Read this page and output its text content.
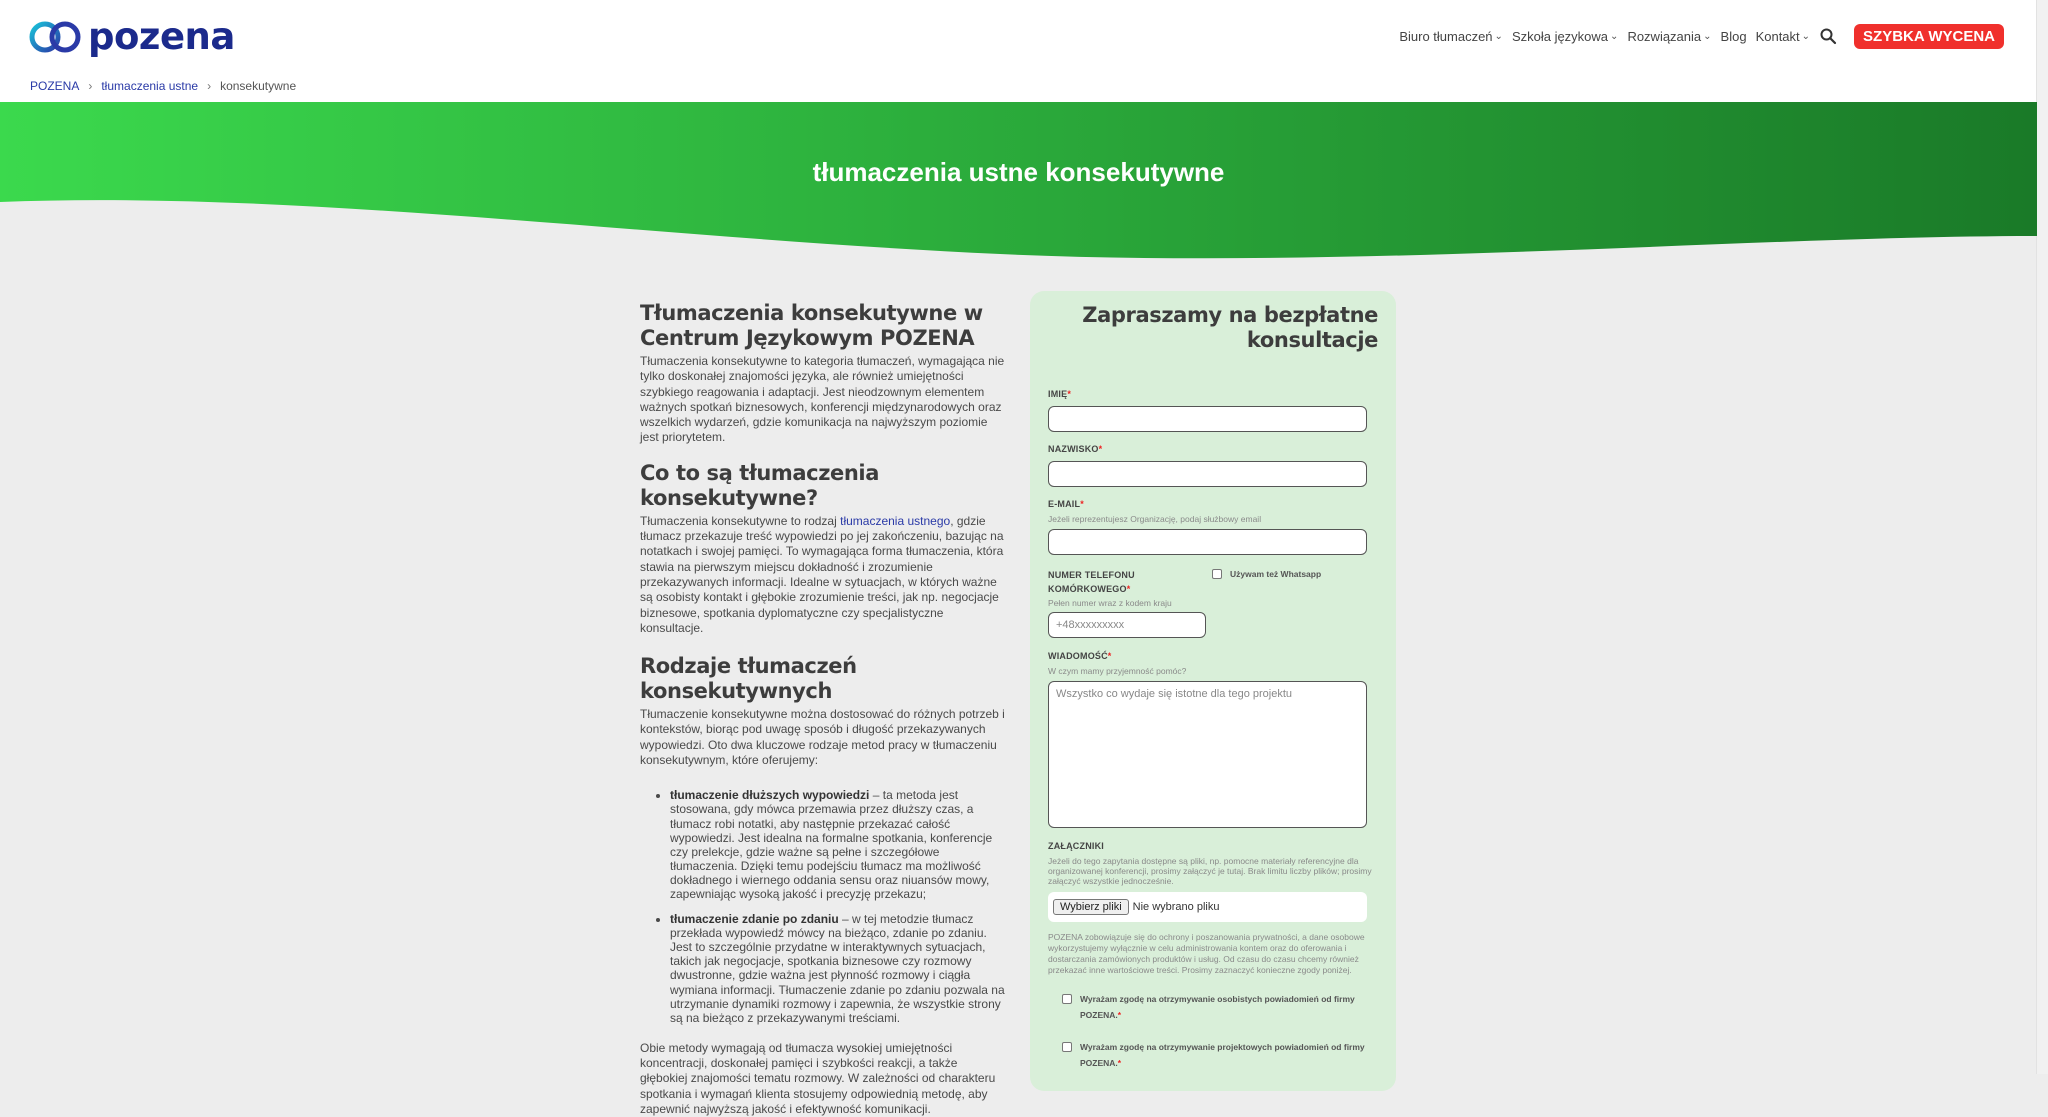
pozena	Biuro tłumaczeń ⌄ Szkoła językowa ⌄ Rozwiązania ⌄ Blog Kontakt ⌄	SZYBKA WYCENA
POZENA › tłumaczenia ustne › konsekutywne
tłumaczenia ustne konsekutywne
Tłumaczenia konsekutywne w Centrum Językowym POZENA

Tłumaczenia konsekutywne to kategoria tłumaczeń, wymagająca nie tylko doskonałej znajomości języka, ale również umiejętności szybkiego reagowania i adaptacji. Jest nieodzownym elementem ważnych spotkań biznesowych, konferencji międzynarodowych oraz wszelkich wydarzeń, gdzie komunikacja na najwyższym poziomie jest priorytetem.

Co to są tłumaczenia konsekutywne?

Tłumaczenia konsekutywne to rodzaj tłumaczenia ustnego, gdzie tłumacz przekazuje treść wypowiedzi po jej zakończeniu, bazując na notatkach i swojej pamięci. To wymagająca forma tłumaczenia, która stawia na pierwszym miejscu dokładność i zrozumienie przekazywanych informacji. Idealne w sytuacjach, w których ważne są osobisty kontakt i głębokie zrozumienie treści, jak np. negocjacje biznesowe, spotkania dyplomatyczne czy specjalistyczne konsultacje.

Rodzaje tłumaczeń konsekutywnych

Tłumaczenie konsekutywne można dostosować do różnych potrzeb i kontekstów, biorąc pod uwagę sposób i długość przekazywanych wypowiedzi. Oto dwa kluczowe rodzaje metod pracy w tłumaczeniu konsekutywnym, które oferujemy:

• tłumaczenie dłuższych wypowiedzi – ta metoda jest stosowana, gdy mówca przemawia przez dłuższy czas, a tłumacz robi notatki, aby następnie przekazać całość wypowiedzi. Jest idealna na formalne spotkania, konferencje czy prelekcje, gdzie ważne są pełne i szczegółowe tłumaczenia. Dzięki temu podejściu tłumacz ma możliwość dokładnego i wiernego oddania sensu oraz niuansów mowy, zapewniając wysoką jakość i precyzję przekazu;
• tłumaczenie zdanie po zdaniu – w tej metodzie tłumacz przekłada wypowiedź mówcy na bieżąco, zdanie po zdaniu. Jest to szczególnie przydatne w interaktywnych sytuacjach, takich jak negocjacje, spotkania biznesowe czy rozmowy dwustronne, gdzie ważna jest płynność rozmowy i ciągła wymiana informacji. Tłumaczenie zdanie po zdaniu pozwala na utrzymanie dynamiki rozmowy i zapewnia, że wszystkie strony są na bieżąco z przekazywanymi treściami.

Obie metody wymagają od tłumacza wysokiej umiejętności koncentracji, doskonałej pamięci i szybkości reakcji, a także głębokiej znajomości tematu rozmowy. W zależności od charakteru spotkania i wymagań klienta stosujemy odpowiednią metodę, aby zapewnić najwyższą jakość i efektywność komunikacji.

Zapraszamy na bezpłatne konsultacje
IMIĘ*
NAZWISKO*
E-MAIL*
Jeżeli reprezentujesz Organizację, podaj służbowy email
NUMER TELEFONU KOMÓRKOWEGO*
Używam też Whatsapp
Pełen numer wraz z kodem kraju
+48xxxxxxxxx
WIADOMOŚĆ*
W czym mamy przyjemność pomóc?
Wszystko co wydaje się istotne dla tego projektu
ZAŁĄCZNIKI
Jeżeli do tego zapytania dostępne są pliki, np. pomocne materiały referencyjne dla organizowanej konferencji, prosimy załączyć je tutaj. Brak limitu liczby plików; prosimy załączyć wszystkie jednocześnie.
Wybierz pliki	Nie wybrano pliku
POZENA zobowiązuje się do ochrony i poszanowania prywatności, a dane osobowe wykorzystujemy wyłącznie w celu administrowania kontem oraz do oferowania i dostarczania zamówionych produktów i usług. Od czasu do czasu chcemy również przekazać inne wartościowe treści. Prosimy zaznaczyć konieczne zgody poniżej.
Wyrażam zgodę na otrzymywanie osobistych powiadomień od firmy POZENA.*
Wyrażam zgodę na otrzymywanie projektowych powiadomień od firmy POZENA.*
